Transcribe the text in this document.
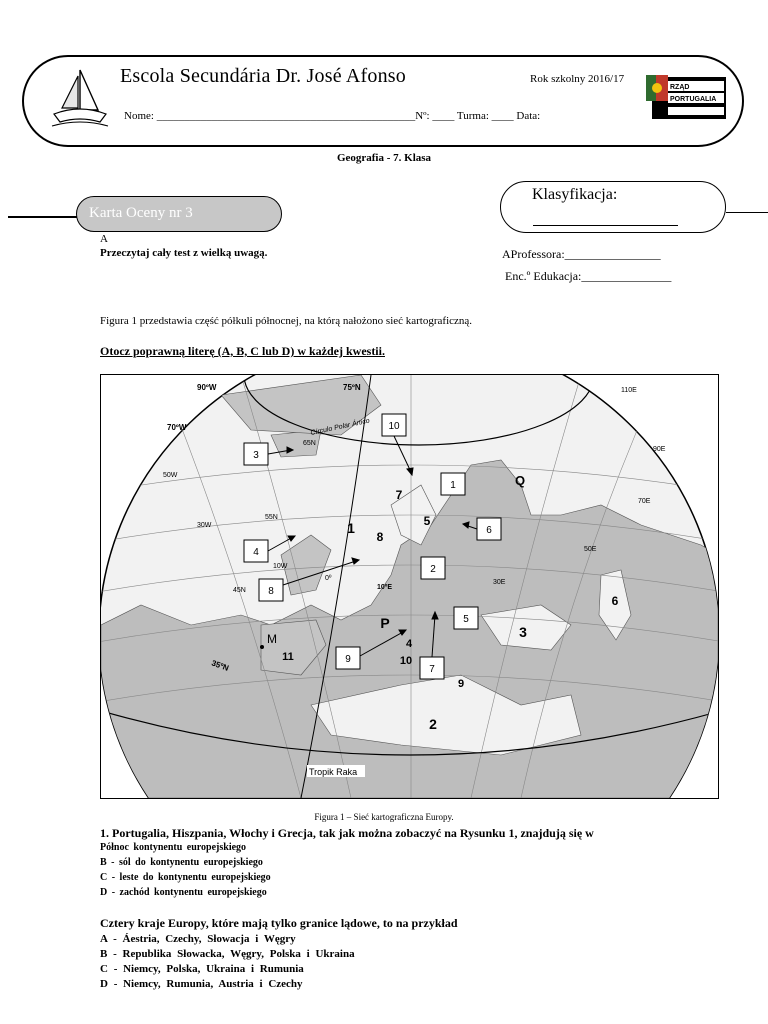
Escola Secundária Dr. José Afonso	Rok szkolny 2016/17
Nome: _______________________________________________Nº: ____ Turma: ____ Data:
RZĄD
PORTUGALIA
Geografia - 7. Klasa
Karta Oceny nr 3
Klasyfikacja:
A
Przeczytaj cały test z wielką uwagą.	AProfessora:________________
Enc.º Edukacja:_______________
Figura 1 przedstawia część półkuli północnej, na którą nałożono sieć kartograficzną.
Otocz poprawną literę (A, B, C lub D) w każdej kwestii.
90ºW	75ºN
70ºW
50W
30W
10W
0º
10ºE
30E
50E
70E
90E
110E
65N
55N
45N
35ºN
Círculo Polar Ártico
Tropik Raka
1
2
3
4
5
6
7
8
9
10
1
2
3
4
5
6
7
8
9
10
11
Q
P
M
Figura 1 – Sieć kartograficzna Europy.
1. Portugalia, Hiszpania, Włochy i Grecja, tak jak można zobaczyć na Rysunku 1, znajdują się w
Północ kontynentu europejskiego
B - sól do kontynentu europejskiego
C - leste do kontynentu europejskiego
D - zachód kontynentu europejskiego
Cztery kraje Europy, które mają tylko granice lądowe, to na przykład
A - Áestria, Czechy, Słowacja i Węgry
B - Republika Słowacka, Węgry, Polska i Ukraina
C - Niemcy, Polska, Ukraina i Rumunia
D - Niemcy, Rumunia, Austria i Czechy
